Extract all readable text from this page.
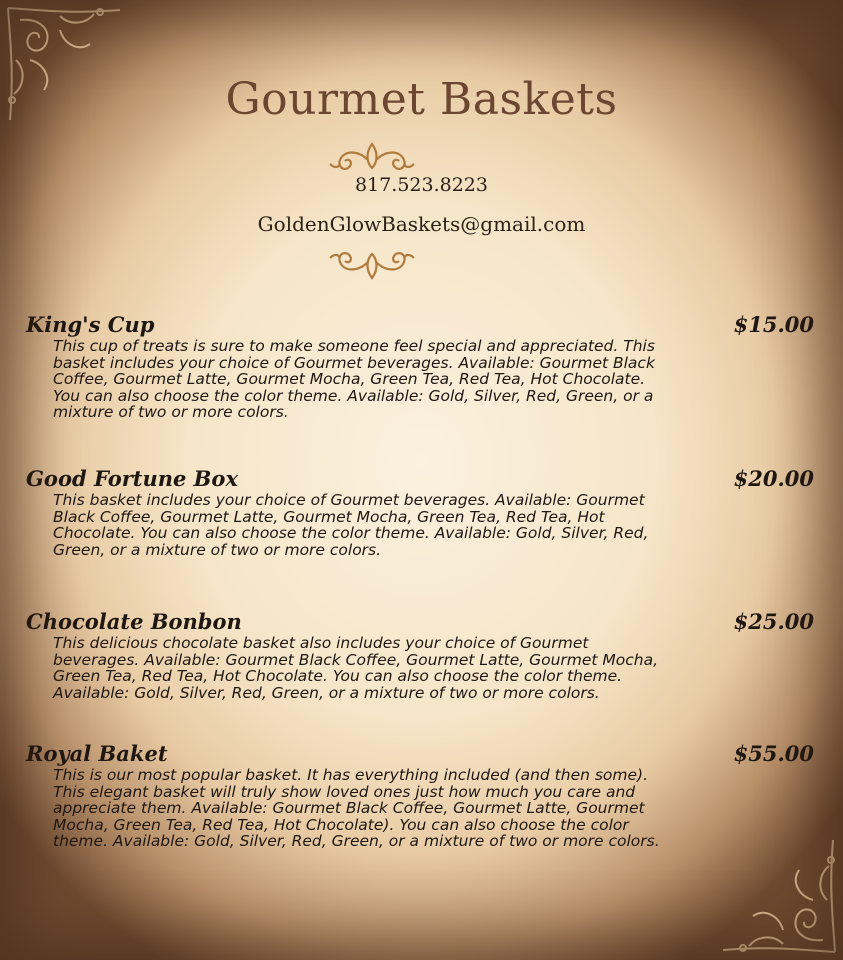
Gourmet Baskets
817.523.8223
GoldenGlowBaskets@gmail.com
King's Cup	$15.00
This cup of treats is sure to make someone feel special and appreciated. This basket includes your choice of Gourmet beverages. Available: Gourmet Black Coffee, Gourmet Latte, Gourmet Mocha, Green Tea, Red Tea, Hot Chocolate. You can also choose the color theme. Available: Gold, Silver, Red, Green, or a mixture of two or more colors.
Good Fortune Box	$20.00
This basket includes your choice of Gourmet beverages. Available: Gourmet Black Coffee, Gourmet Latte, Gourmet Mocha, Green Tea, Red Tea, Hot Chocolate. You can also choose the color theme. Available: Gold, Silver, Red, Green, or a mixture of two or more colors.
Chocolate Bonbon	$25.00
This delicious chocolate basket also includes your choice of Gourmet beverages. Available: Gourmet Black Coffee, Gourmet Latte, Gourmet Mocha, Green Tea, Red Tea, Hot Chocolate. You can also choose the color theme. Available: Gold, Silver, Red, Green, or a mixture of two or more colors.
Royal Baket	$55.00
This is our most popular basket. It has everything included (and then some). This elegant basket will truly show loved ones just how much you care and appreciate them. Available: Gourmet Black Coffee, Gourmet Latte, Gourmet Mocha, Green Tea, Red Tea, Hot Chocolate). You can also choose the color theme. Available: Gold, Silver, Red, Green, or a mixture of two or more colors.
